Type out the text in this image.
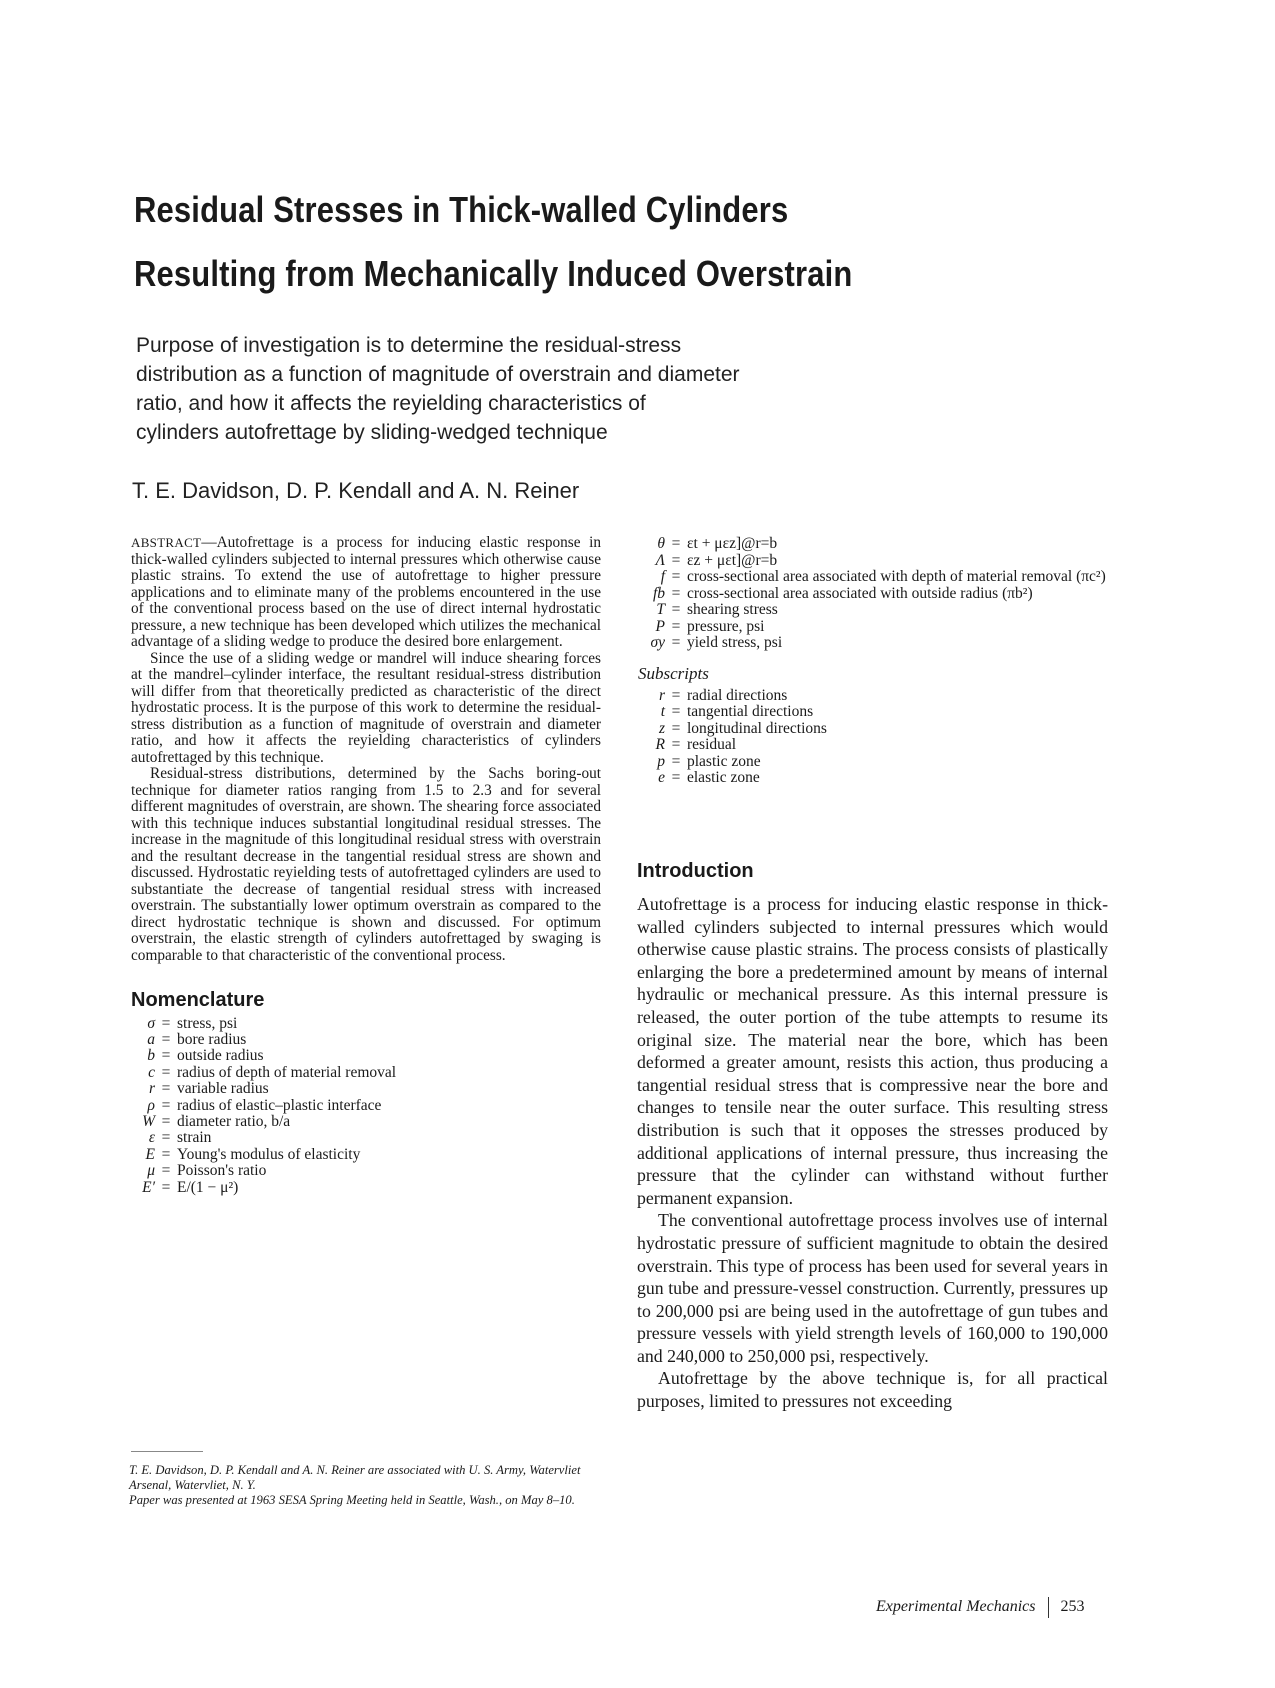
Residual Stresses in Thick-walled Cylinders
Resulting from Mechanically Induced Overstrain
Purpose of investigation is to determine the residual-stress
distribution as a function of magnitude of overstrain and diameter
ratio, and how it affects the reyielding characteristics of
cylinders autofrettage by sliding-wedged technique
T. E. Davidson, D. P. Kendall and A. N. Reiner

ABSTRACT—Autofrettage is a process for inducing elastic response in thick-walled cylinders subjected to internal pressures which otherwise cause plastic strains. To extend the use of autofrettage to higher pressure applications and to eliminate many of the problems encountered in the use of the conventional process based on the use of direct internal hydrostatic pressure, a new technique has been developed which utilizes the mechanical advantage of a sliding wedge to produce the desired bore enlargement.

Since the use of a sliding wedge or mandrel will induce shearing forces at the mandrel–cylinder interface, the resultant residual-stress distribution will differ from that theoretically predicted as characteristic of the direct hydrostatic process. It is the purpose of this work to determine the residual-stress distribution as a function of magnitude of overstrain and diameter ratio, and how it affects the reyielding characteristics of cylinders autofrettaged by this technique.

Residual-stress distributions, determined by the Sachs boring-out technique for diameter ratios ranging from 1.5 to 2.3 and for several different magnitudes of overstrain, are shown. The shearing force associated with this technique induces substantial longitudinal residual stresses. The increase in the magnitude of this longitudinal residual stress with overstrain and the resultant decrease in the tangential residual stress are shown and discussed. Hydrostatic reyielding tests of autofrettaged cylinders are used to substantiate the decrease of tangential residual stress with increased overstrain. The substantially lower optimum overstrain as compared to the direct hydrostatic technique is shown and discussed. For optimum overstrain, the elastic strength of cylinders autofrettaged by swaging is comparable to that characteristic of the conventional process.

Nomenclature
σ = stress, psi
a = bore radius
b = outside radius
c = radius of depth of material removal
r = variable radius
ρ = radius of elastic–plastic interface
W = diameter ratio, b/a
ε = strain
E = Young's modulus of elasticity
μ = Poisson's ratio
E′ = E/(1 − μ²)
T. E. Davidson, D. P. Kendall and A. N. Reiner are associated with U. S. Army, Watervliet Arsenal, Watervliet, N. Y.
Paper was presented at 1963 SESA Spring Meeting held in Seattle, Wash., on May 8–10.
θ = εt + μεz]@r=b
Λ = εz + μεt]@r=b
f = cross-sectional area associated with depth of material removal (πc²)
fb = cross-sectional area associated with outside radius (πb²)
T = shearing stress
P = pressure, psi
σy = yield stress, psi
Subscripts
r = radial directions
t = tangential directions
z = longitudinal directions
R = residual
p = plastic zone
e = elastic zone
Introduction

Autofrettage is a process for inducing elastic response in thick-walled cylinders subjected to internal pressures which would otherwise cause plastic strains. The process consists of plastically enlarging the bore a predetermined amount by means of internal hydraulic or mechanical pressure. As this internal pressure is released, the outer portion of the tube attempts to resume its original size. The material near the bore, which has been deformed a greater amount, resists this action, thus producing a tangential residual stress that is compressive near the bore and changes to tensile near the outer surface. This resulting stress distribution is such that it opposes the stresses produced by additional applications of internal pressure, thus increasing the pressure that the cylinder can withstand without further permanent expansion.

The conventional autofrettage process involves use of internal hydrostatic pressure of sufficient magnitude to obtain the desired overstrain. This type of process has been used for several years in gun tube and pressure-vessel construction. Currently, pressures up to 200,000 psi are being used in the autofrettage of gun tubes and pressure vessels with yield strength levels of 160,000 to 190,000 and 240,000 to 250,000 psi, respectively.

Autofrettage by the above technique is, for all practical purposes, limited to pressures not exceeding

Experimental Mechanics 253
